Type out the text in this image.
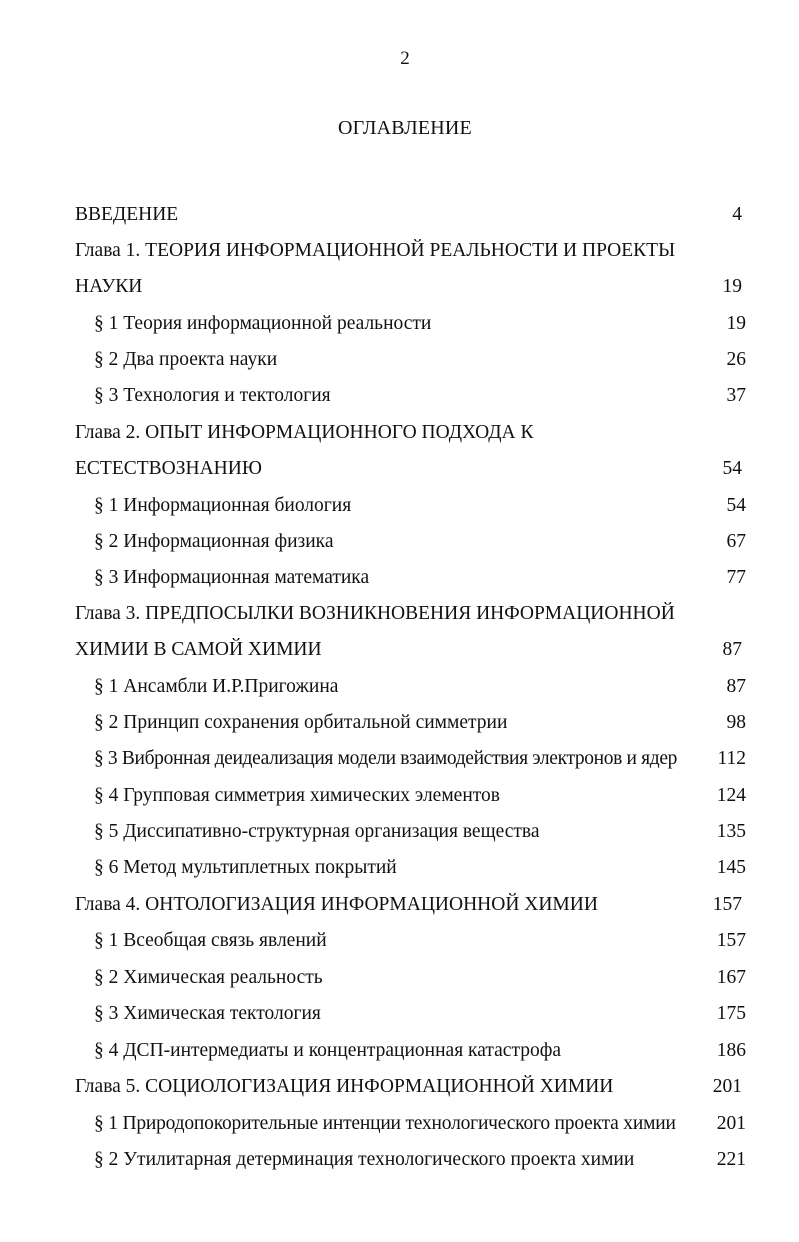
2
ОГЛАВЛЕНИЕ
ВВЕДЕНИЕ	4
Глава 1. ТЕОРИЯ ИНФОРМАЦИОННОЙ РЕАЛЬНОСТИ И ПРОЕКТЫ
НАУКИ	19
§ 1 Теория информационной реальности	19
§ 2 Два проекта науки	26
§ 3 Технология и тектология	37
Глава 2. ОПЫТ ИНФОРМАЦИОННОГО ПОДХОДА К
ЕСТЕСТВОЗНАНИЮ	54
§ 1 Информационная биология	54
§ 2 Информационная физика	67
§ 3 Информационная математика	77
Глава 3. ПРЕДПОСЫЛКИ ВОЗНИКНОВЕНИЯ ИНФОРМАЦИОННОЙ
ХИМИИ В САМОЙ ХИМИИ	87
§ 1 Ансамбли И.Р.Пригожина	87
§ 2 Принцип сохранения орбитальной симметрии	98
§ 3 Вибронная деидеализация модели взаимодействия электронов и ядер	112
§ 4 Групповая симметрия химических элементов	124
§ 5 Диссипативно-структурная организация вещества	135
§ 6 Метод мультиплетных покрытий	145
Глава 4. ОНТОЛОГИЗАЦИЯ ИНФОРМАЦИОННОЙ ХИМИИ	157
§ 1 Всеобщая связь явлений	157
§ 2 Химическая реальность	167
§ 3 Химическая тектология	175
§ 4 ДСП-интермедиаты и концентрационная катастрофа	186
Глава 5. СОЦИОЛОГИЗАЦИЯ ИНФОРМАЦИОННОЙ ХИМИИ	201
§ 1 Природопокорительные интенции технологического проекта химии	201
§ 2 Утилитарная детерминация технологического проекта химии	221
